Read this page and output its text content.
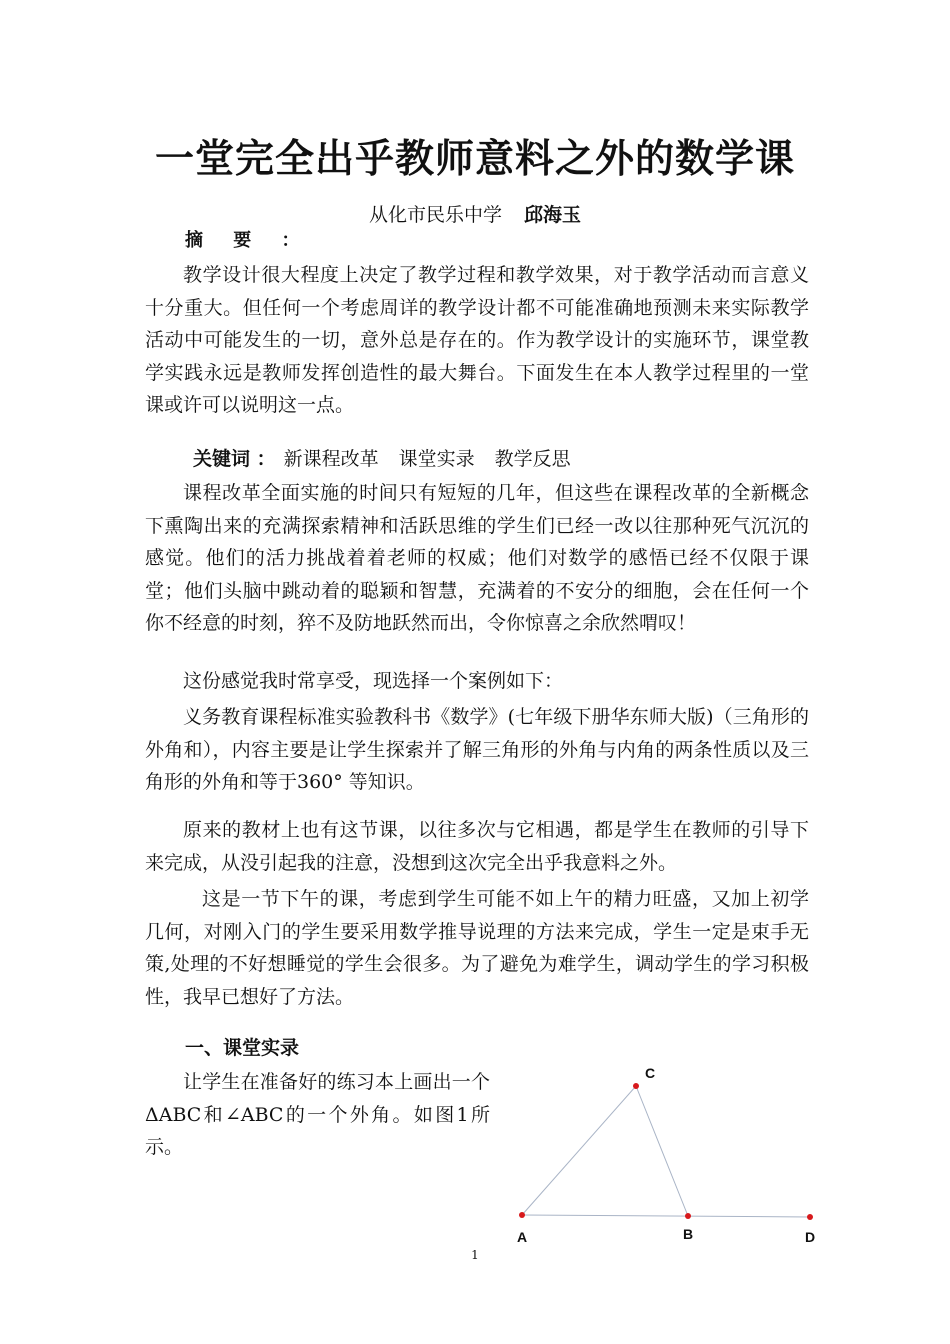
一堂完全出乎教师意料之外的数学课
从化市民乐中学 邱海玉
摘 要 ：

教学设计很大程度上决定了教学过程和教学效果，对于教学活动而言意义十分重大。但任何一个考虑周详的教学设计都不可能准确地预测未来实际教学活动中可能发生的一切，意外总是存在的。作为教学设计的实施环节，课堂教学实践永远是教师发挥创造性的最大舞台。下面发生在本人教学过程里的一堂课或许可以说明这一点。

关键词 ： 新课程改革 课堂实录 教学反思

课程改革全面实施的时间只有短短的几年，但这些在课程改革的全新概念下熏陶出来的充满探索精神和活跃思维的学生们已经一改以往那种死气沉沉的感觉。他们的活力挑战着着老师的权威；他们对数学的感悟已经不仅限于课堂；他们头脑中跳动着的聪颖和智慧，充满着的不安分的细胞，会在任何一个你不经意的时刻，猝不及防地跃然而出，令你惊喜之余欣然喟叹！

这份感觉我时常享受，现选择一个案例如下：

义务教育课程标准实验教科书《数学》(七年级下册华东师大版)（三角形的外角和），内容主要是让学生探索并了解三角形的外角与内角的两条性质以及三角形的外角和等于360° 等知识。

原来的教材上也有这节课，以往多次与它相遇，都是学生在教师的引导下来完成，从没引起我的注意，没想到这次完全出乎我意料之外。

这是一节下午的课，考虑到学生可能不如上午的精力旺盛，又加上初学几何，对刚入门的学生要采用数学推导说理的方法来完成，学生一定是束手无策,处理的不好想睡觉的学生会很多。为了避免为难学生，调动学生的学习积极性，我早已想好了方法。

一、课堂实录

让学生在准备好的练习本上画出一个 ΔABC和∠ABC的一个外角。如图1所示。

C
A	B	D
1
